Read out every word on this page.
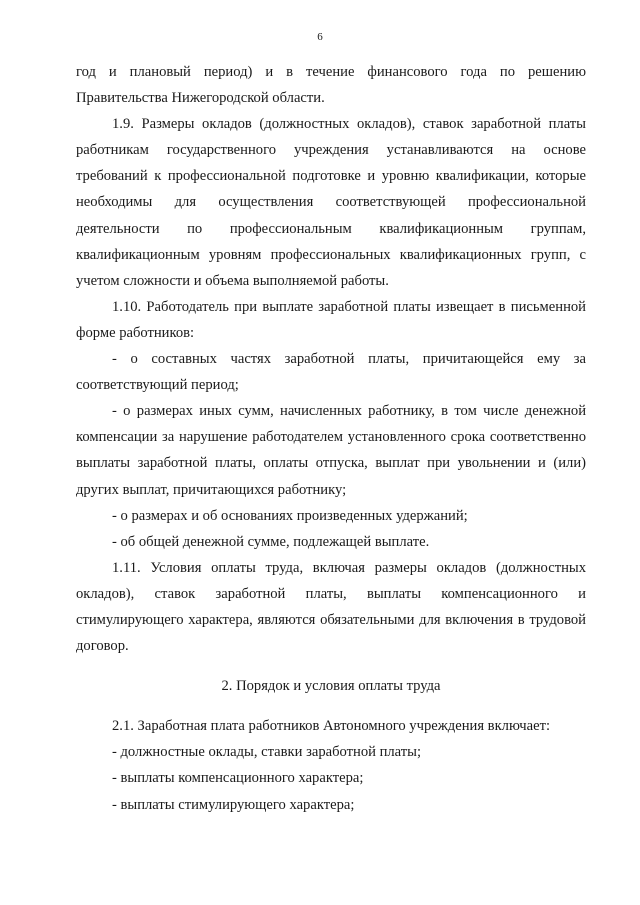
6

год и плановый период) и в течение финансового года по решению Правительства Нижегородской области.

1.9. Размеры окладов (должностных окладов), ставок заработной платы работникам государственного учреждения устанавливаются на основе требований к профессиональной подготовке и уровню квалификации, которые необходимы для осуществления соответствующей профессиональной деятельности по профессиональным квалификационным группам, квалификационным уровням профессиональных квалификационных групп, с учетом сложности и объема выполняемой работы.

1.10. Работодатель при выплате заработной платы извещает в письменной форме работников:

- о составных частях заработной платы, причитающейся ему за соответствующий период;

- о размерах иных сумм, начисленных работнику, в том числе денежной компенсации за нарушение работодателем установленного срока соответственно выплаты заработной платы, оплаты отпуска, выплат при увольнении и (или) других выплат, причитающихся работнику;

- о размерах и об основаниях произведенных удержаний;

- об общей денежной сумме, подлежащей выплате.

1.11. Условия оплаты труда, включая размеры окладов (должностных окладов), ставок заработной платы, выплаты компенсационного и стимулирующего характера, являются обязательными для включения в трудовой договор.

2. Порядок и условия оплаты труда

2.1. Заработная плата работников Автономного учреждения включает:

- должностные оклады, ставки заработной платы;

- выплаты компенсационного характера;

- выплаты стимулирующего характера;
